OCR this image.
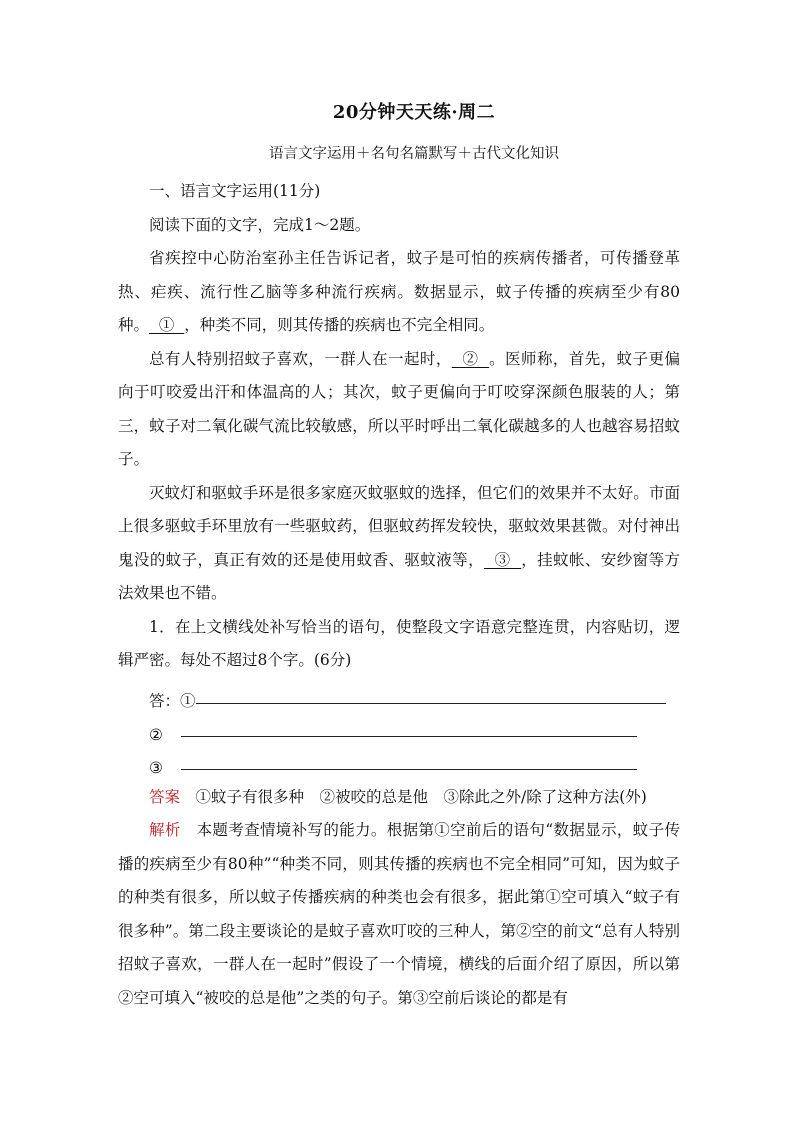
20分钟天天练·周二
语言文字运用＋名句名篇默写＋古代文化知识

一、语言文字运用(11分)

阅读下面的文字，完成1～2题。

省疾控中心防治室孙主任告诉记者，蚊子是可怕的疾病传播者，可传播登革热、疟疾、流行性乙脑等多种流行疾病。数据显示，蚊子传播的疾病至少有80种。  ①  ，种类不同，则其传播的疾病也不完全相同。

总有人特别招蚊子喜欢，一群人在一起时，  ②  。医师称，首先，蚊子更偏向于叮咬爱出汗和体温高的人；其次，蚊子更偏向于叮咬穿深颜色服装的人；第三，蚊子对二氧化碳气流比较敏感，所以平时呼出二氧化碳越多的人也越容易招蚊子。

灭蚊灯和驱蚊手环是很多家庭灭蚊驱蚊的选择，但它们的效果并不太好。市面上很多驱蚊手环里放有一些驱蚊药，但驱蚊药挥发较快，驱蚊效果甚微。对付神出鬼没的蚊子，真正有效的还是使用蚊香、驱蚊液等，  ③  ，挂蚊帐、安纱窗等方法效果也不错。

1．在上文横线处补写恰当的语句，使整段文字语意完整连贯，内容贴切，逻辑严密。每处不超过8个字。(6分)

答：①
②
③

答案　 ①蚊子有很多种　②被咬的总是他　③除此之外/除了这种方法(外)

解析　 本题考查情境补写的能力。根据第①空前后的语句“数据显示，蚊子传播的疾病至少有80种”“种类不同，则其传播的疾病也不完全相同”可知，因为蚊子的种类有很多，所以蚊子传播疾病的种类也会有很多，据此第①空可填入“蚊子有很多种”。第二段主要谈论的是蚊子喜欢叮咬的三种人，第②空的前文“总有人特别招蚊子喜欢，一群人在一起时”假设了一个情境，横线的后面介绍了原因，所以第②空可填入“被咬的总是他”之类的句子。第③空前后谈论的都是有
